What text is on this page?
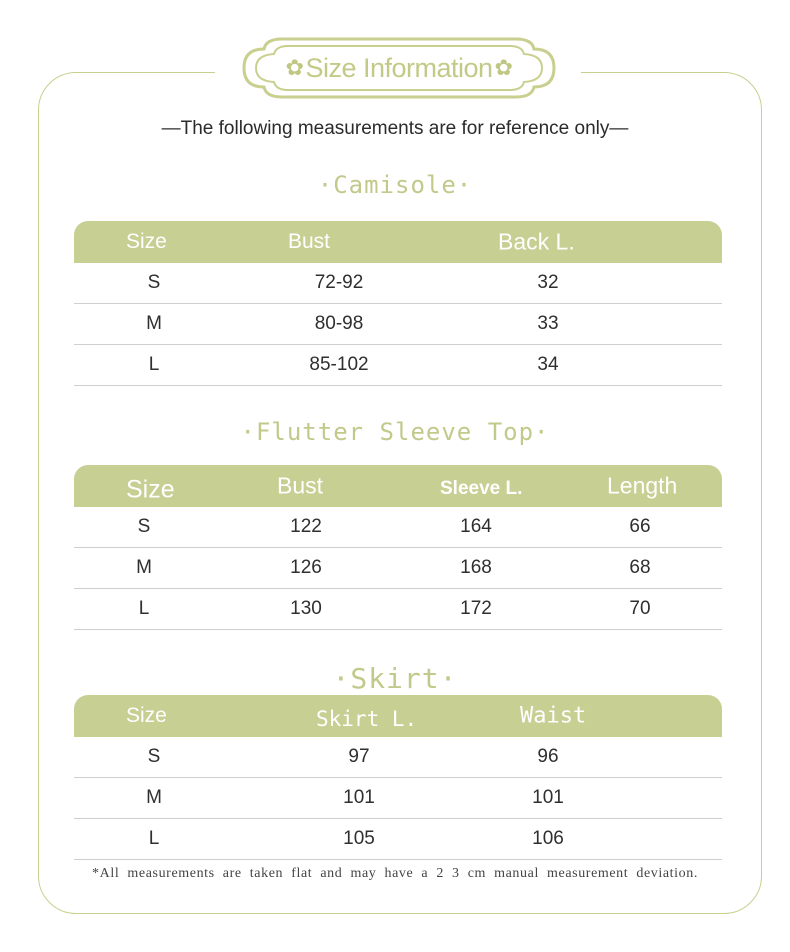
✿ Size Information ✿
—The following measurements are for reference only—
·Camisole·
Size	Bust	Back L.
S	72-92	32
M	80-98	33
L	85-102	34
·Flutter Sleeve Top·
Size	Bust	Sleeve L.	Length
S	122	164	66
M	126	168	68
L	130	172	70
·Skirt·
Size	Skirt L.	Waist
S	97	96
M	101	101
L	105	106
*All measurements are taken flat and may have a 2 3 cm manual measurement deviation.
